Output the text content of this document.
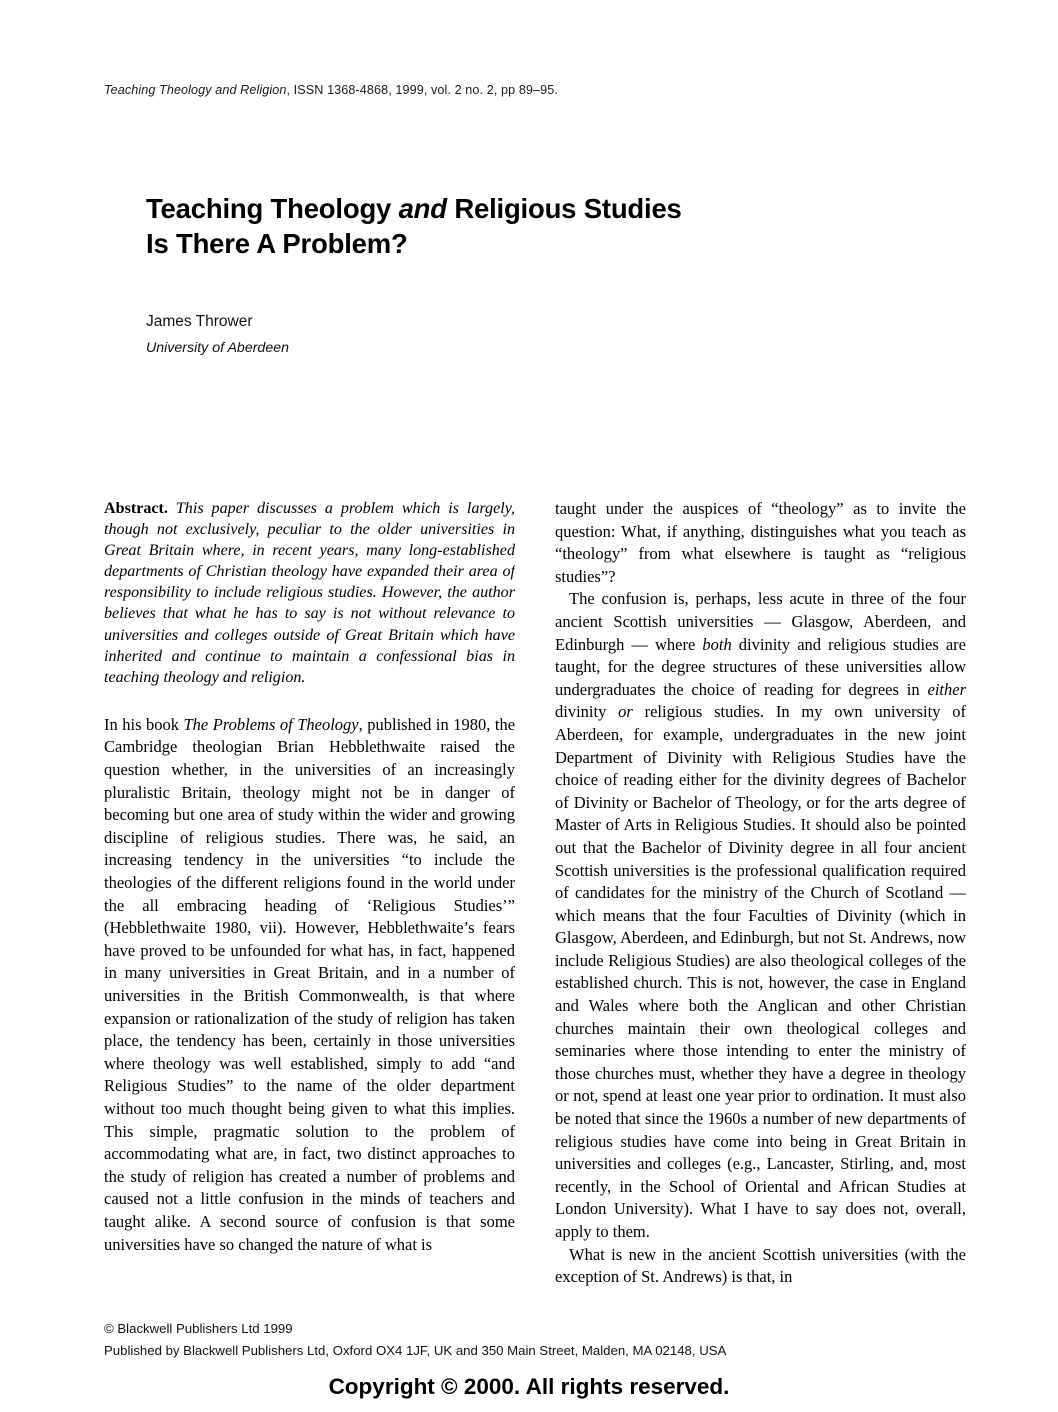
Teaching Theology and Religion, ISSN 1368-4868, 1999, vol. 2 no. 2, pp 89–95.
Teaching Theology and Religious Studies
Is There A Problem?
James Thrower
University of Aberdeen

Abstract. This paper discusses a problem which is largely, though not exclusively, peculiar to the older universities in Great Britain where, in recent years, many long-established departments of Christian theology have expanded their area of responsibility to include religious studies. However, the author believes that what he has to say is not without relevance to universities and colleges outside of Great Britain which have inherited and continue to maintain a confessional bias in teaching theology and religion.

In his book The Problems of Theology, published in 1980, the Cambridge theologian Brian Hebblethwaite raised the question whether, in the universities of an increasingly pluralistic Britain, theology might not be in danger of becoming but one area of study within the wider and growing discipline of religious studies. There was, he said, an increasing tendency in the universities “to include the theologies of the different religions found in the world under the all embracing heading of ‘Religious Studies’” (Hebblethwaite 1980, vii). However, Hebblethwaite’s fears have proved to be unfounded for what has, in fact, happened in many universities in Great Britain, and in a number of universities in the British Commonwealth, is that where expansion or rationalization of the study of religion has taken place, the tendency has been, certainly in those universities where theology was well established, simply to add “and Religious Studies” to the name of the older department without too much thought being given to what this implies. This simple, pragmatic solution to the problem of accommodating what are, in fact, two distinct approaches to the study of religion has created a number of problems and caused not a little confusion in the minds of teachers and taught alike. A second source of confusion is that some universities have so changed the nature of what is

taught under the auspices of “theology” as to invite the question: What, if anything, distinguishes what you teach as “theology” from what elsewhere is taught as “religious studies”?

The confusion is, perhaps, less acute in three of the four ancient Scottish universities — Glasgow, Aberdeen, and Edinburgh — where both divinity and religious studies are taught, for the degree structures of these universities allow undergraduates the choice of reading for degrees in either divinity or religious studies. In my own university of Aberdeen, for example, undergraduates in the new joint Department of Divinity with Religious Studies have the choice of reading either for the divinity degrees of Bachelor of Divinity or Bachelor of Theology, or for the arts degree of Master of Arts in Religious Studies. It should also be pointed out that the Bachelor of Divinity degree in all four ancient Scottish universities is the professional qualification required of candidates for the ministry of the Church of Scotland — which means that the four Faculties of Divinity (which in Glasgow, Aberdeen, and Edinburgh, but not St. Andrews, now include Religious Studies) are also theological colleges of the established church. This is not, however, the case in England and Wales where both the Anglican and other Christian churches maintain their own theological colleges and seminaries where those intending to enter the ministry of those churches must, whether they have a degree in theology or not, spend at least one year prior to ordination. It must also be noted that since the 1960s a number of new departments of religious studies have come into being in Great Britain in universities and colleges (e.g., Lancaster, Stirling, and, most recently, in the School of Oriental and African Studies at London University). What I have to say does not, overall, apply to them.

What is new in the ancient Scottish universities (with the exception of St. Andrews) is that, in

© Blackwell Publishers Ltd 1999
Published by Blackwell Publishers Ltd, Oxford OX4 1JF, UK and 350 Main Street, Malden, MA 02148, USA
Copyright © 2000. All rights reserved.
